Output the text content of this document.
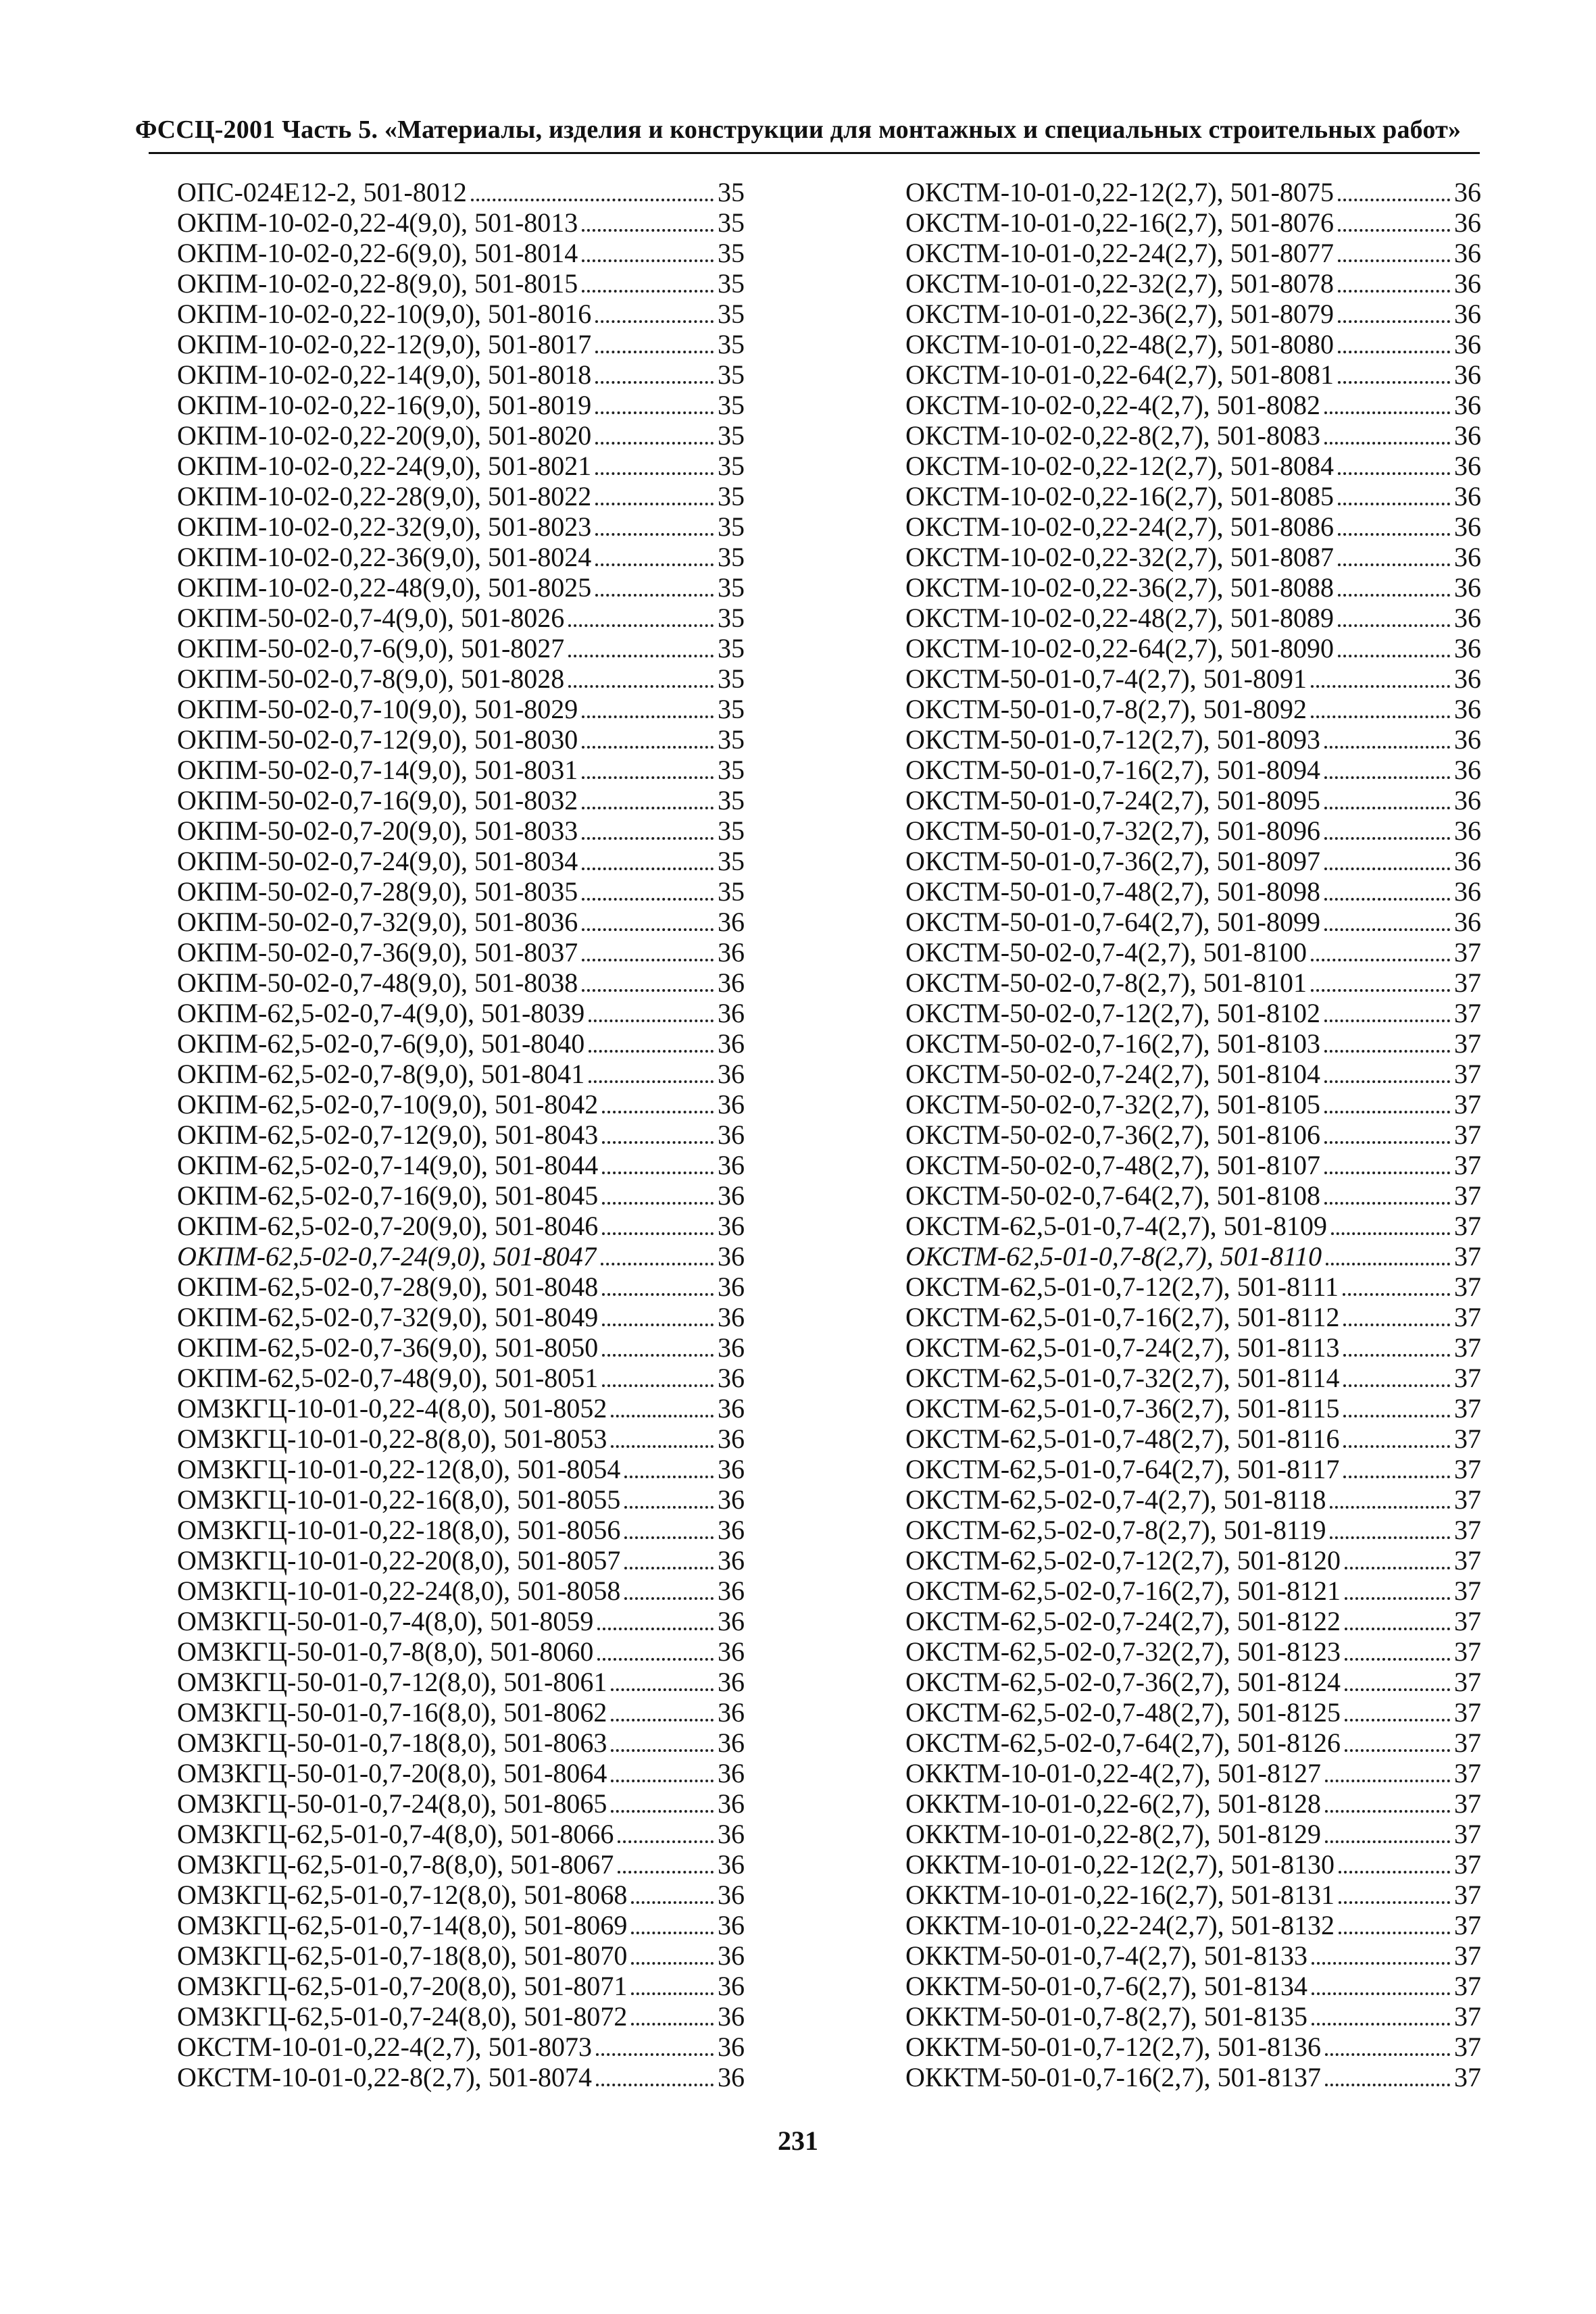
ФССЦ-2001 Часть 5. «Материалы, изделия и конструкции для монтажных и специальных строительных работ»
ОПС-024Е12-2, 501-8012	35
ОКПМ-10-02-0,22-4(9,0), 501-8013	35
ОКПМ-10-02-0,22-6(9,0), 501-8014	35
ОКПМ-10-02-0,22-8(9,0), 501-8015	35
ОКПМ-10-02-0,22-10(9,0), 501-8016	35
ОКПМ-10-02-0,22-12(9,0), 501-8017	35
ОКПМ-10-02-0,22-14(9,0), 501-8018	35
ОКПМ-10-02-0,22-16(9,0), 501-8019	35
ОКПМ-10-02-0,22-20(9,0), 501-8020	35
ОКПМ-10-02-0,22-24(9,0), 501-8021	35
ОКПМ-10-02-0,22-28(9,0), 501-8022	35
ОКПМ-10-02-0,22-32(9,0), 501-8023	35
ОКПМ-10-02-0,22-36(9,0), 501-8024	35
ОКПМ-10-02-0,22-48(9,0), 501-8025	35
ОКПМ-50-02-0,7-4(9,0), 501-8026	35
ОКПМ-50-02-0,7-6(9,0), 501-8027	35
ОКПМ-50-02-0,7-8(9,0), 501-8028	35
ОКПМ-50-02-0,7-10(9,0), 501-8029	35
ОКПМ-50-02-0,7-12(9,0), 501-8030	35
ОКПМ-50-02-0,7-14(9,0), 501-8031	35
ОКПМ-50-02-0,7-16(9,0), 501-8032	35
ОКПМ-50-02-0,7-20(9,0), 501-8033	35
ОКПМ-50-02-0,7-24(9,0), 501-8034	35
ОКПМ-50-02-0,7-28(9,0), 501-8035	35
ОКПМ-50-02-0,7-32(9,0), 501-8036	36
ОКПМ-50-02-0,7-36(9,0), 501-8037	36
ОКПМ-50-02-0,7-48(9,0), 501-8038	36
ОКПМ-62,5-02-0,7-4(9,0), 501-8039	36
ОКПМ-62,5-02-0,7-6(9,0), 501-8040	36
ОКПМ-62,5-02-0,7-8(9,0), 501-8041	36
ОКПМ-62,5-02-0,7-10(9,0), 501-8042	36
ОКПМ-62,5-02-0,7-12(9,0), 501-8043	36
ОКПМ-62,5-02-0,7-14(9,0), 501-8044	36
ОКПМ-62,5-02-0,7-16(9,0), 501-8045	36
ОКПМ-62,5-02-0,7-20(9,0), 501-8046	36
ОКПМ-62,5-02-0,7-24(9,0), 501-8047	36
ОКПМ-62,5-02-0,7-28(9,0), 501-8048	36
ОКПМ-62,5-02-0,7-32(9,0), 501-8049	36
ОКПМ-62,5-02-0,7-36(9,0), 501-8050	36
ОКПМ-62,5-02-0,7-48(9,0), 501-8051	36
ОМЗКГЦ-10-01-0,22-4(8,0), 501-8052	36
ОМЗКГЦ-10-01-0,22-8(8,0), 501-8053	36
ОМЗКГЦ-10-01-0,22-12(8,0), 501-8054	36
ОМЗКГЦ-10-01-0,22-16(8,0), 501-8055	36
ОМЗКГЦ-10-01-0,22-18(8,0), 501-8056	36
ОМЗКГЦ-10-01-0,22-20(8,0), 501-8057	36
ОМЗКГЦ-10-01-0,22-24(8,0), 501-8058	36
ОМЗКГЦ-50-01-0,7-4(8,0), 501-8059	36
ОМЗКГЦ-50-01-0,7-8(8,0), 501-8060	36
ОМЗКГЦ-50-01-0,7-12(8,0), 501-8061	36
ОМЗКГЦ-50-01-0,7-16(8,0), 501-8062	36
ОМЗКГЦ-50-01-0,7-18(8,0), 501-8063	36
ОМЗКГЦ-50-01-0,7-20(8,0), 501-8064	36
ОМЗКГЦ-50-01-0,7-24(8,0), 501-8065	36
ОМЗКГЦ-62,5-01-0,7-4(8,0), 501-8066	36
ОМЗКГЦ-62,5-01-0,7-8(8,0), 501-8067	36
ОМЗКГЦ-62,5-01-0,7-12(8,0), 501-8068	36
ОМЗКГЦ-62,5-01-0,7-14(8,0), 501-8069	36
ОМЗКГЦ-62,5-01-0,7-18(8,0), 501-8070	36
ОМЗКГЦ-62,5-01-0,7-20(8,0), 501-8071	36
ОМЗКГЦ-62,5-01-0,7-24(8,0), 501-8072	36
ОКСТМ-10-01-0,22-4(2,7), 501-8073	36
ОКСТМ-10-01-0,22-8(2,7), 501-8074	36
ОКСТМ-10-01-0,22-12(2,7), 501-8075	36
ОКСТМ-10-01-0,22-16(2,7), 501-8076	36
ОКСТМ-10-01-0,22-24(2,7), 501-8077	36
ОКСТМ-10-01-0,22-32(2,7), 501-8078	36
ОКСТМ-10-01-0,22-36(2,7), 501-8079	36
ОКСТМ-10-01-0,22-48(2,7), 501-8080	36
ОКСТМ-10-01-0,22-64(2,7), 501-8081	36
ОКСТМ-10-02-0,22-4(2,7), 501-8082	36
ОКСТМ-10-02-0,22-8(2,7), 501-8083	36
ОКСТМ-10-02-0,22-12(2,7), 501-8084	36
ОКСТМ-10-02-0,22-16(2,7), 501-8085	36
ОКСТМ-10-02-0,22-24(2,7), 501-8086	36
ОКСТМ-10-02-0,22-32(2,7), 501-8087	36
ОКСТМ-10-02-0,22-36(2,7), 501-8088	36
ОКСТМ-10-02-0,22-48(2,7), 501-8089	36
ОКСТМ-10-02-0,22-64(2,7), 501-8090	36
ОКСТМ-50-01-0,7-4(2,7), 501-8091	36
ОКСТМ-50-01-0,7-8(2,7), 501-8092	36
ОКСТМ-50-01-0,7-12(2,7), 501-8093	36
ОКСТМ-50-01-0,7-16(2,7), 501-8094	36
ОКСТМ-50-01-0,7-24(2,7), 501-8095	36
ОКСТМ-50-01-0,7-32(2,7), 501-8096	36
ОКСТМ-50-01-0,7-36(2,7), 501-8097	36
ОКСТМ-50-01-0,7-48(2,7), 501-8098	36
ОКСТМ-50-01-0,7-64(2,7), 501-8099	36
ОКСТМ-50-02-0,7-4(2,7), 501-8100	37
ОКСТМ-50-02-0,7-8(2,7), 501-8101	37
ОКСТМ-50-02-0,7-12(2,7), 501-8102	37
ОКСТМ-50-02-0,7-16(2,7), 501-8103	37
ОКСТМ-50-02-0,7-24(2,7), 501-8104	37
ОКСТМ-50-02-0,7-32(2,7), 501-8105	37
ОКСТМ-50-02-0,7-36(2,7), 501-8106	37
ОКСТМ-50-02-0,7-48(2,7), 501-8107	37
ОКСТМ-50-02-0,7-64(2,7), 501-8108	37
ОКСТМ-62,5-01-0,7-4(2,7), 501-8109	37
ОКСТМ-62,5-01-0,7-8(2,7), 501-8110	37
ОКСТМ-62,5-01-0,7-12(2,7), 501-8111	37
ОКСТМ-62,5-01-0,7-16(2,7), 501-8112	37
ОКСТМ-62,5-01-0,7-24(2,7), 501-8113	37
ОКСТМ-62,5-01-0,7-32(2,7), 501-8114	37
ОКСТМ-62,5-01-0,7-36(2,7), 501-8115	37
ОКСТМ-62,5-01-0,7-48(2,7), 501-8116	37
ОКСТМ-62,5-01-0,7-64(2,7), 501-8117	37
ОКСТМ-62,5-02-0,7-4(2,7), 501-8118	37
ОКСТМ-62,5-02-0,7-8(2,7), 501-8119	37
ОКСТМ-62,5-02-0,7-12(2,7), 501-8120	37
ОКСТМ-62,5-02-0,7-16(2,7), 501-8121	37
ОКСТМ-62,5-02-0,7-24(2,7), 501-8122	37
ОКСТМ-62,5-02-0,7-32(2,7), 501-8123	37
ОКСТМ-62,5-02-0,7-36(2,7), 501-8124	37
ОКСТМ-62,5-02-0,7-48(2,7), 501-8125	37
ОКСТМ-62,5-02-0,7-64(2,7), 501-8126	37
ОККТМ-10-01-0,22-4(2,7), 501-8127	37
ОККТМ-10-01-0,22-6(2,7), 501-8128	37
ОККТМ-10-01-0,22-8(2,7), 501-8129	37
ОККТМ-10-01-0,22-12(2,7), 501-8130	37
ОККТМ-10-01-0,22-16(2,7), 501-8131	37
ОККТМ-10-01-0,22-24(2,7), 501-8132	37
ОККТМ-50-01-0,7-4(2,7), 501-8133	37
ОККТМ-50-01-0,7-6(2,7), 501-8134	37
ОККТМ-50-01-0,7-8(2,7), 501-8135	37
ОККТМ-50-01-0,7-12(2,7), 501-8136	37
ОККТМ-50-01-0,7-16(2,7), 501-8137	37
231
